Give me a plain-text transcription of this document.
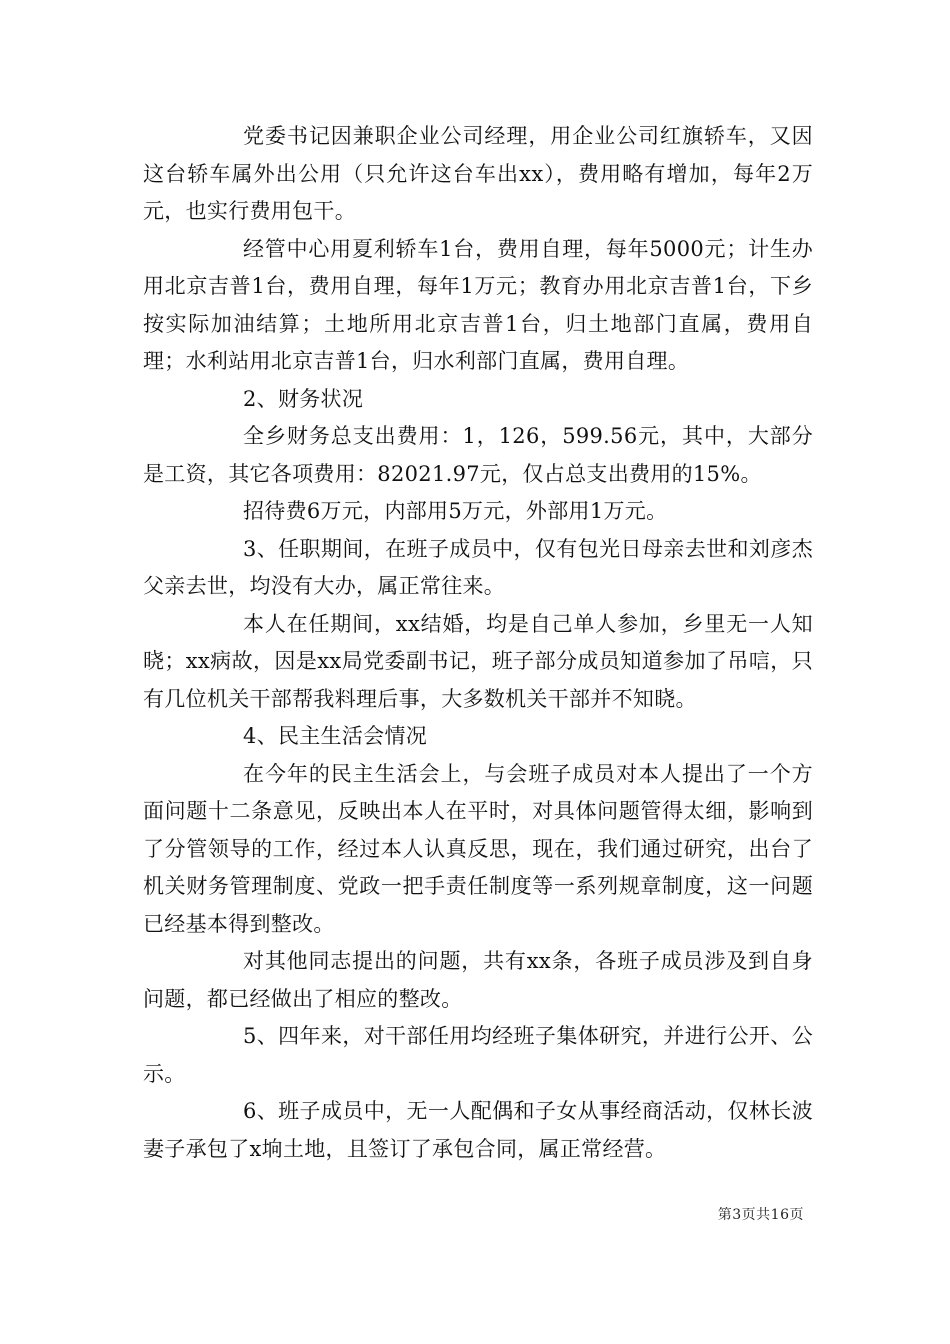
党委书记因兼职企业公司经理，用企业公司红旗轿车，又因这台轿车属外出公用（只允许这台车出xx），费用略有增加，每年2万元，也实行费用包干。

经管中心用夏利轿车1台，费用自理，每年5000元；计生办用北京吉普1台，费用自理，每年1万元；教育办用北京吉普1台，下乡按实际加油结算；土地所用北京吉普1台，归土地部门直属，费用自理；水利站用北京吉普1台，归水利部门直属，费用自理。

2、财务状况

全乡财务总支出费用：1，126，599.56元，其中，大部分是工资，其它各项费用：82021.97元，仅占总支出费用的15%。

招待费6万元，内部用5万元，外部用1万元。

3、任职期间，在班子成员中，仅有包光日母亲去世和刘彦杰父亲去世，均没有大办，属正常往来。

本人在任期间，xx结婚，均是自己单人参加，乡里无一人知晓；xx病故，因是xx局党委副书记，班子部分成员知道参加了吊唁，只有几位机关干部帮我料理后事，大多数机关干部并不知晓。

4、民主生活会情况

在今年的民主生活会上，与会班子成员对本人提出了一个方面问题十二条意见，反映出本人在平时，对具体问题管得太细，影响到了分管领导的工作，经过本人认真反思，现在，我们通过研究，出台了机关财务管理制度、党政一把手责任制度等一系列规章制度，这一问题已经基本得到整改。

对其他同志提出的问题，共有xx条，各班子成员涉及到自身问题，都已经做出了相应的整改。

5、四年来，对干部任用均经班子集体研究，并进行公开、公示。

6、班子成员中，无一人配偶和子女从事经商活动，仅林长波妻子承包了x垧土地，且签订了承包合同，属正常经营。

第3页共16页
